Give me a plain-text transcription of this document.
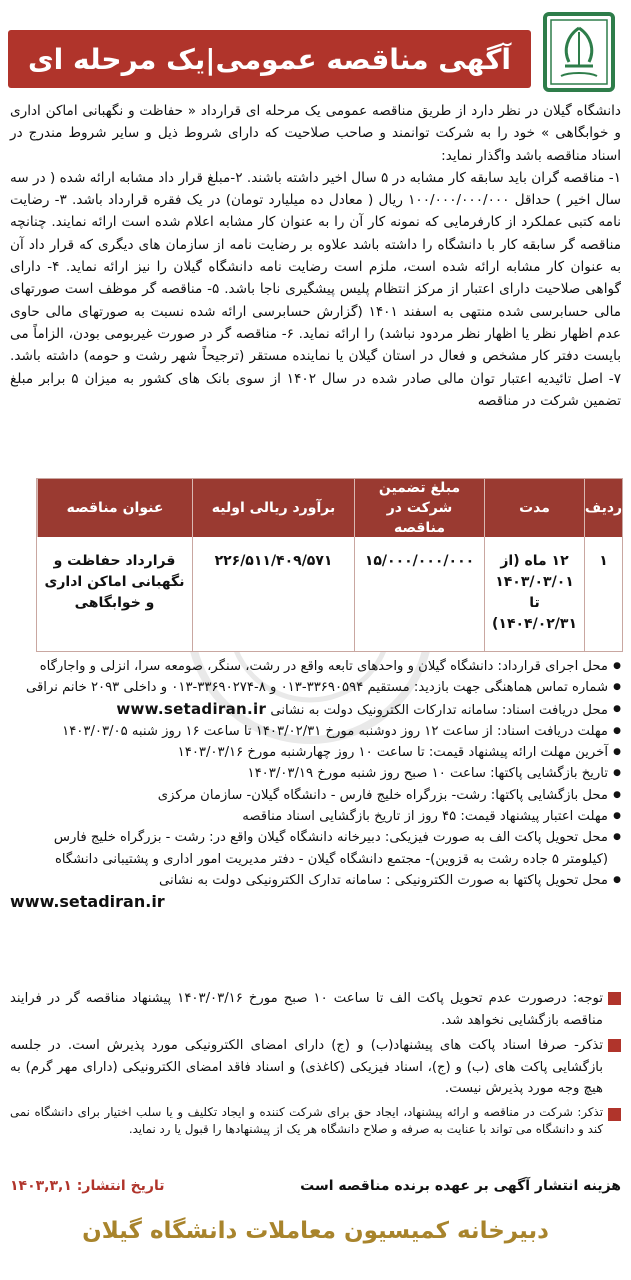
آگهی مناقصه عمومی|یک مرحله ای
دانشگاه گیلان در نظر دارد از طریق مناقصه عمومی یک مرحله ای قرارداد « حفاظت و نگهبانی اماکن اداری و خوابگاهی » خود را به شرکت توانمند و صاحب صلاحیت که دارای شروط ذیل و سایر شروط مندرج در اسناد مناقصه باشد واگذار نماید:
۱- مناقصه گران باید سابقه کار مشابه در ۵ سال اخیر داشته باشند. ۲-مبلغ قرار داد مشابه ارائه شده ( در سه سال اخیر ) حداقل ۱۰۰/۰۰۰/۰۰۰/۰۰۰ ریال ( معادل ده میلیارد تومان) در یک فقره قرارداد باشد. ۳- رضایت نامه کتبی عملکرد از کارفرمایی که نمونه کار آن را به عنوان کار مشابه اعلام شده است ارائه نمایند. چنانچه مناقصه گر سابقه کار با دانشگاه را داشته باشد علاوه بر رضایت نامه از سازمان های دیگری که قرار داد آن به عنوان کار مشابه ارائه شده است، ملزم است رضایت نامه دانشگاه گیلان را نیز ارائه نماید. ۴- دارای گواهی صلاحیت دارای اعتبار از مرکز انتظام پلیس پیشگیری ناجا باشد. ۵- مناقصه گر موظف است صورتهای مالی حسابرسی شده منتهی به اسفند ۱۴۰۱ (گزارش حسابرسی ارائه شده نسبت به صورتهای مالی حاوی عدم اظهار نظر یا اظهار نظر مردود نباشد) را ارائه نماید. ۶- مناقصه گر در صورت غیربومی بودن، الزاماً می بایست دفتر کار مشخص و فعال در استان گیلان یا نماینده مستقر (ترجیحاً شهر رشت و حومه) داشته باشد. ۷- اصل تائیدیه اعتبار توان مالی صادر شده در سال ۱۴۰۲ از سوی بانک های کشور به میزان ۵ برابر مبلغ تضمین شرکت در مناقصه
ردیف
مدت
مبلغ تضمین شرکت در مناقصه
برآورد ریالی اولیه
عنوان مناقصه
۱
۱۲ ماه (از ۱۴۰۳/۰۳/۰۱ تا ۱۴۰۴/۰۲/۳۱)
۱۵/۰۰۰/۰۰۰/۰۰۰
۲۲۶/۵۱۱/۴۰۹/۵۷۱
قرارداد حفاظت و نگهبانی اماکن اداری و خوابگاهی
● محل اجرای قرارداد: دانشگاه گیلان و واحدهای تابعه واقع در رشت، سنگر، صومعه سرا، انزلی و واجارگاه
● شماره تماس هماهنگی جهت بازدید: مستقیم ۳۳۶۹۰۵۹۴-۰۱۳ و ۸-۳۳۶۹۰۲۷۴-۰۱۳ و داخلی ۲۰۹۳ خانم نراقی
● محل دریافت اسناد: سامانه تدارکات الکترونیک دولت به نشانی www.setadiran.ir
● مهلت دریافت اسناد: از ساعت ۱۲ روز دوشنبه مورخ ۱۴۰۳/۰۲/۳۱ تا ساعت ۱۶ روز شنبه ۱۴۰۳/۰۳/۰۵
● آخرین مهلت ارائه پیشنهاد قیمت: تا ساعت ۱۰ روز چهارشنبه مورخ ۱۴۰۳/۰۳/۱۶
● تاریخ بازگشایی پاکتها: ساعت ۱۰ صبح روز شنبه مورخ ۱۴۰۳/۰۳/۱۹
● محل بازگشایی پاکتها: رشت- بزرگراه خلیج فارس - دانشگاه گیلان- سازمان مرکزی
● مهلت اعتبار پیشنهاد قیمت: ۴۵ روز از تاریخ بازگشایی اسناد مناقصه
● محل تحویل پاکت الف به صورت فیزیکی: دبیرخانه دانشگاه گیلان واقع در: رشت - بزرگراه خلیج فارس (کیلومتر ۵ جاده رشت به قزوین)- مجتمع دانشگاه گیلان - دفتر مدیریت امور اداری و پشتیبانی دانشگاه
● محل تحویل پاکتها به صورت الکترونیکی : سامانه تدارک الکترونیکی دولت به نشانی
www.setadiran.ir
توجه: درصورت عدم تحویل پاکت الف تا ساعت ۱۰ صبح مورخ ۱۴۰۳/۰۳/۱۶ پیشنهاد مناقصه گر در فرایند مناقصه بازگشایی نخواهد شد.
تذکر- صرفا اسناد پاکت های پیشنهاد(ب) و (ج) دارای امضای الکترونیکی مورد پذیرش است. در جلسه بازگشایی پاکت های (ب) و (ج)، اسناد فیزیکی (کاغذی) و اسناد فاقد امضای الکترونیکی (دارای مهر گرم) به هیچ وجه مورد پذیرش نیست.
تذکر: شرکت در مناقصه و ارائه پیشنهاد، ایجاد حق برای شرکت کننده و ایجاد تکلیف و یا سلب اختیار برای دانشگاه نمی کند و دانشگاه می تواند با عنایت به صرفه و صلاح دانشگاه هر یک از پیشنهادها را قبول یا رد نماید.
هزینه انتشار آگهی بر عهده برنده مناقصه است
تاریخ انتشار: ۱۴۰۳,۳,۱
دبیرخانه کمیسیون معاملات دانشگاه گیلان
